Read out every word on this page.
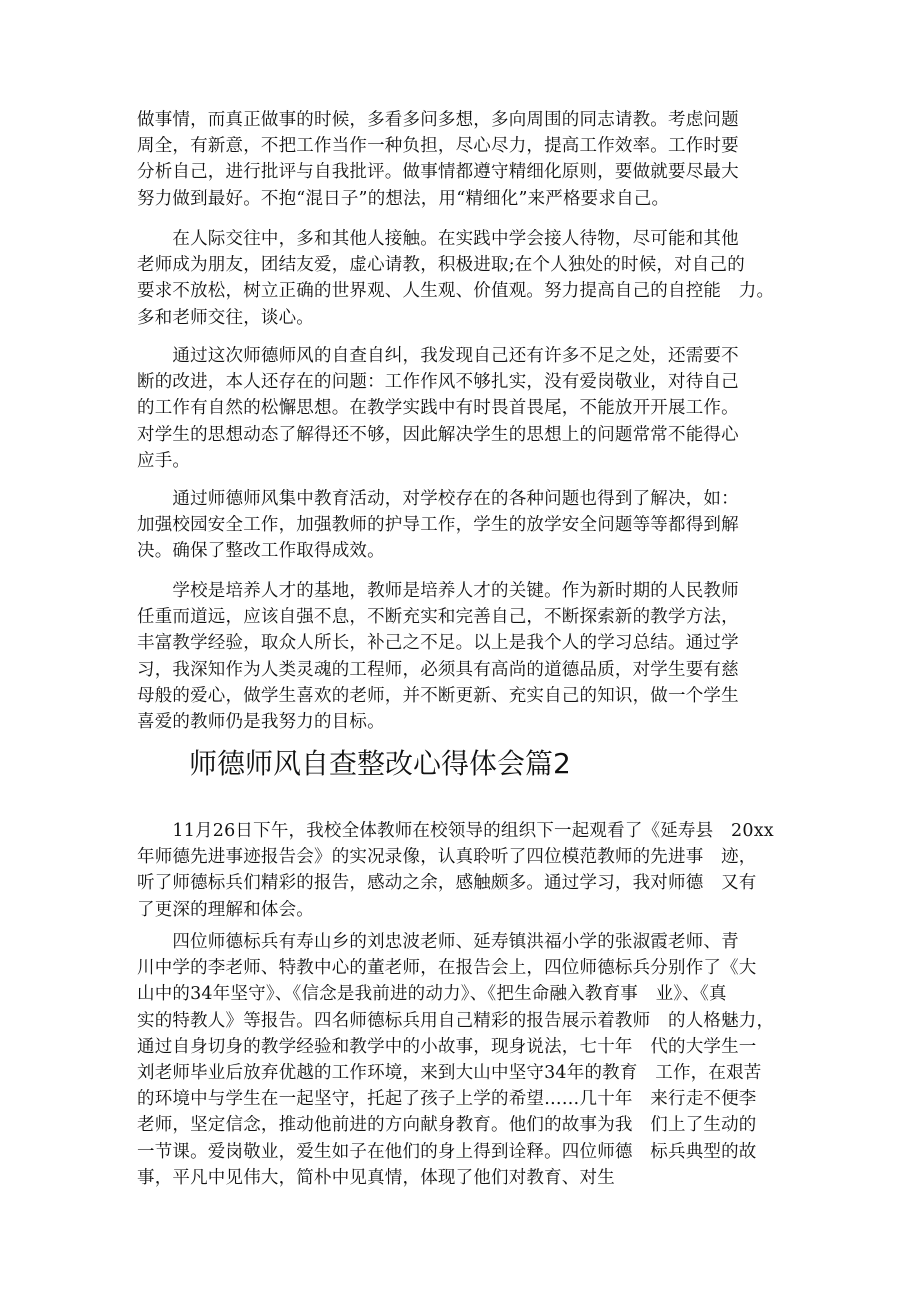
做事情，而真正做事的时候，多看多问多想，多向周围的同志请教。考虑问题
周全，有新意，不把工作当作一种负担，尽心尽力，提高工作效率。工作时要
分析自己，进行批评与自我批评。做事情都遵守精细化原则，要做就要尽最大
努力做到最好。不抱“混日子”的想法，用“精细化”来严格要求自己。
　　在人际交往中，多和其他人接触。在实践中学会接人待物，尽可能和其他
老师成为朋友，团结友爱，虚心请教，积极进取;在个人独处的时候，对自己的
要求不放松，树立正确的世界观、人生观、价值观。努力提高自己的自控能　力。
多和老师交往，谈心。
　　通过这次师德师风的自查自纠，我发现自己还有许多不足之处，还需要不
断的改进，本人还存在的问题：工作作风不够扎实，没有爱岗敬业，对待自己
的工作有自然的松懈思想。在教学实践中有时畏首畏尾，不能放开开展工作。
对学生的思想动态了解得还不够，因此解决学生的思想上的问题常常不能得心
应手。
　　通过师德师风集中教育活动，对学校存在的各种问题也得到了解决，如：
加强校园安全工作，加强教师的护导工作，学生的放学安全问题等等都得到解
决。确保了整改工作取得成效。
　　学校是培养人才的基地，教师是培养人才的关键。作为新时期的人民教师
任重而道远，应该自强不息，不断充实和完善自己，不断探索新的教学方法，
丰富教学经验，取众人所长，补己之不足。以上是我个人的学习总结。通过学
习，我深知作为人类灵魂的工程师，必须具有高尚的道德品质，对学生要有慈
母般的爱心，做学生喜欢的老师，并不断更新、充实自己的知识，做一个学生
喜爱的教师仍是我努力的目标。
师德师风自查整改心得体会篇2
　　11月26日下午，我校全体教师在校领导的组织下一起观看了《延寿县　20xx
年师德先进事迹报告会》的实况录像，认真聆听了四位模范教师的先进事　迹，
听了师德标兵们精彩的报告，感动之余，感触颇多。通过学习，我对师德　又有
了更深的理解和体会。
　　四位师德标兵有寿山乡的刘忠波老师、延寿镇洪福小学的张淑霞老师、青
川中学的李老师、特教中心的董老师，在报告会上，四位师德标兵分别作了《大
山中的34年坚守》、《信念是我前进的动力》、《把生命融入教育事　业》、《真
实的特教人》等报告。四名师德标兵用自己精彩的报告展示着教师　的人格魅力，
通过自身切身的教学经验和教学中的小故事，现身说法，七十年　代的大学生一
刘老师毕业后放弃优越的工作环境，来到大山中坚守34年的教育　工作，在艰苦
的环境中与学生在一起坚守，托起了孩子上学的希望……几十年　来行走不便李
老师，坚定信念，推动他前进的方向献身教育。他们的故事为我　们上了生动的
一节课。爱岗敬业，爱生如子在他们的身上得到诠释。四位师德　标兵典型的故
事，平凡中见伟大，简朴中见真情，体现了他们对教育、对生
